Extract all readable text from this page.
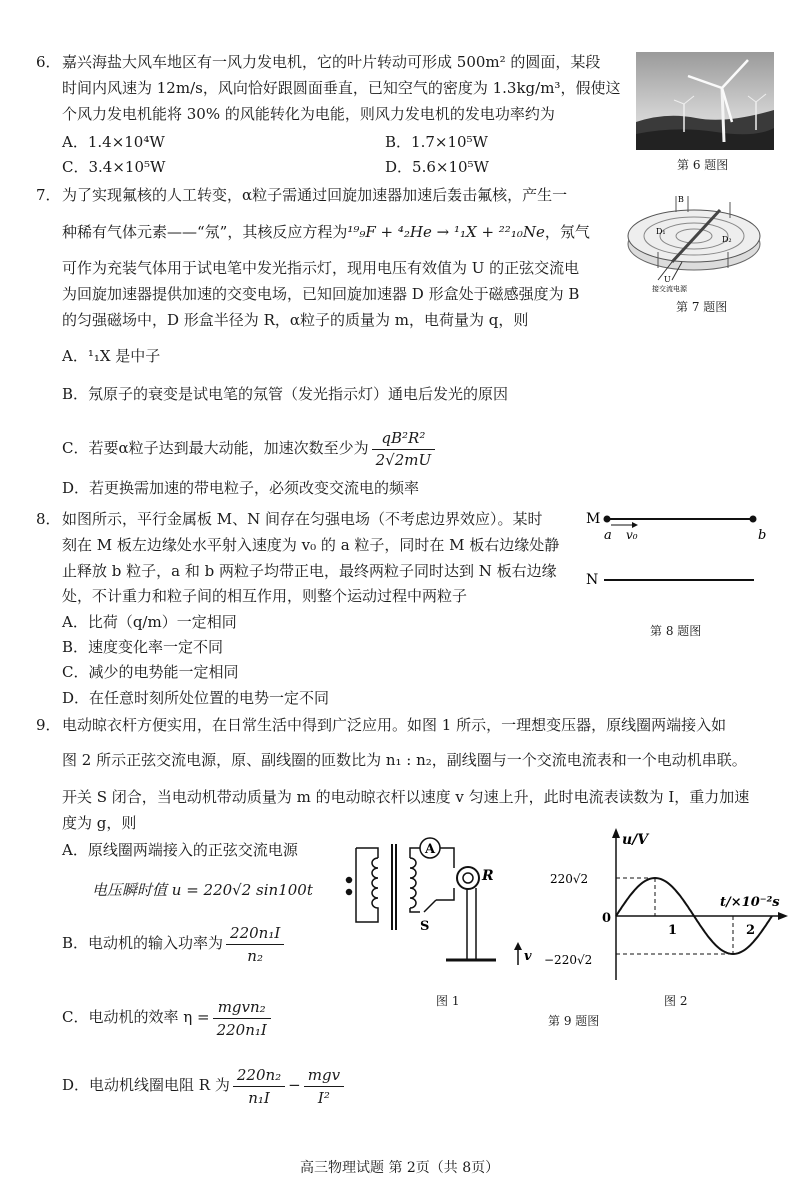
6． 嘉兴海盐大风车地区有一风力发电机，它的叶片转动可形成 500m² 的圆面，某段
时间内风速为 12m/s，风向恰好跟圆面垂直，已知空气的密度为 1.3kg/m³，假使这
个风力发电机能将 30% 的风能转化为电能，则风力发电机的发电功率约为
A．1.4×10⁴W	B．1.7×10⁵W
C．3.4×10⁵W	D．5.6×10⁵W	第 6 题图
7． 为了实现氟核的人工转变，α粒子需通过回旋加速器加速后轰击氟核，产生一
种稀有气体元素——“氖”，其核反应方程为¹⁹₉F + ⁴₂He → ¹₁X + ²²₁₀Ne，氖气
可作为充装气体用于试电笔中发光指示灯，现用电压有效值为 U 的正弦交流电
为回旋加速器提供加速的交变电场，已知回旋加速器 D 形盒处于磁感强度为 B
的匀强磁场中，D 形盒半径为 R，α粒子的质量为 m，电荷量为 q，则
A．¹₁X 是中子
B．氖原子的衰变是试电笔的氖管（发光指示灯）通电后发光的原因
C．若要α粒子达到最大动能，加速次数至少为 $\frac{\text{qB²R²}}{2√2mU}$
D．若更换需加速的带电粒子，必须改变交流电的频率
B
D₁
D₂
U
接交流电源
第 7 题图
8． 如图所示，平行金属板 M、N 间存在匀强电场（不考虑边界效应）。某时
刻在 M 板左边缘处水平射入速度为 v₀ 的 a 粒子，同时在 M 板右边缘处静
止释放 b 粒子，a 和 b 两粒子均带正电，最终两粒子同时达到 N 板右边缘
处，不计重力和粒子间的相互作用，则整个运动过程中两粒子
A．比荷（q/m）一定相同
B．速度变化率一定不同
C．减少的电势能一定相同
D．在任意时刻所处位置的电势一定不同
M
a v₀	b
N
第 8 题图
9． 电动晾衣杆方便实用，在日常生活中得到广泛应用。如图 1 所示，一理想变压器，原线圈两端接入如
图 2 所示正弦交流电源，原、副线圈的匝数比为 n₁ : n₂，副线圈与一个交流电流表和一个电动机串联。
开关 S 闭合，当电动机带动质量为 m 的电动晾衣杆以速度 v 匀速上升，此时电流表读数为 I，重力加速
度为 g，则
A．原线圈两端接入的正弦交流电源
电压瞬时值 u = 220√2 sin100t
B．电动机的输入功率为 $\frac{\text{220n₁I}}{\text{n₂}}$
C．电动机的效率 $\eta = \frac{\text{mgvn₂}}{\text{220n₁I}}$
D．电动机线圈电阻 R 为 $\frac{\text{220n₂}}{\text{n₁I}} - \frac{\text{mgv}}{\text{I²}}$
A
R
S
v
图 1
u/V
t/×10⁻²s
220√2
−220√2
0
1	2
图 2
第 9 题图
高三物理试题 第 2页（共 8页）
